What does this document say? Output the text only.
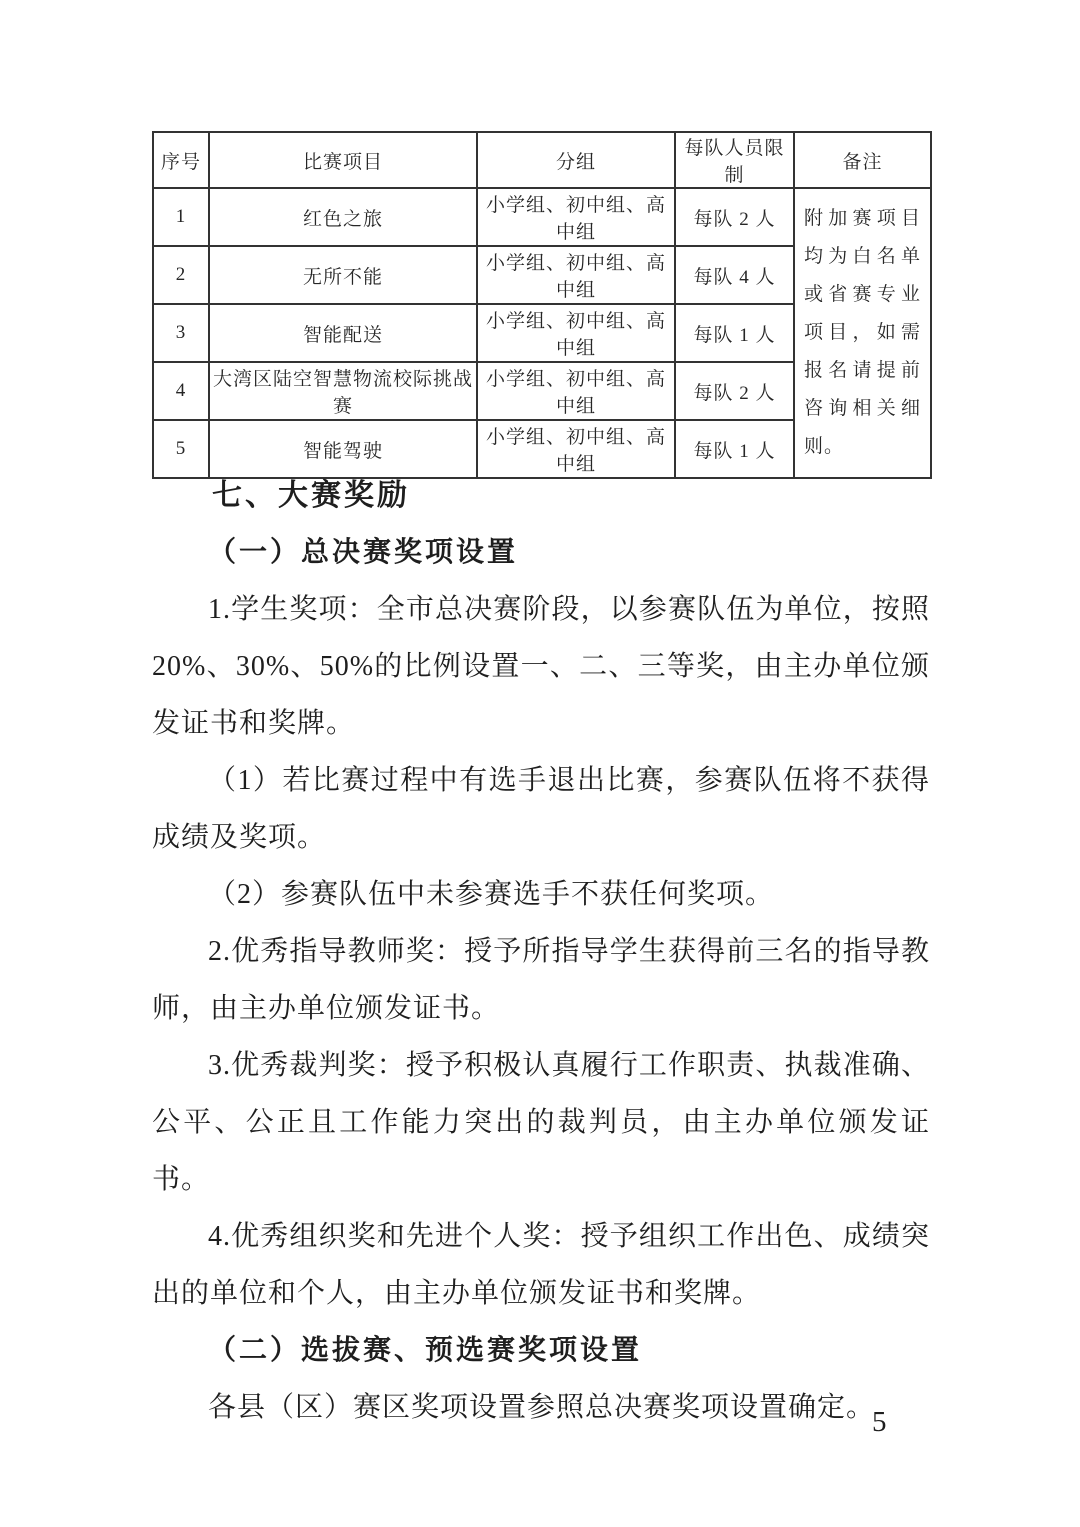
序号	比赛项目	分组	每队人员限制	备注
1	红色之旅	小学组、初中组、高中组	每队 2 人	附加赛项目均为白名单或省赛专业项目，如需报名请提前咨询相关细则。

2	无所不能	小学组、初中组、高中组	每队 4 人	
3	智能配送	小学组、初中组、高中组	每队 1 人	
4	大湾区陆空智慧物流校际挑战赛	小学组、初中组、高中组	每队 2 人	
5	智能驾驶	小学组、初中组、高中组	每队 1 人	

七、大赛奖励

（一）总决赛奖项设置

1.学生奖项：全市总决赛阶段，以参赛队伍为单位，按照 20%、30%、50%的比例设置一、二、三等奖，由主办单位颁发证书和奖牌。

（1）若比赛过程中有选手退出比赛，参赛队伍将不获得成绩及奖项。

（2）参赛队伍中未参赛选手不获任何奖项。

2.优秀指导教师奖：授予所指导学生获得前三名的指导教师，由主办单位颁发证书。

3.优秀裁判奖：授予积极认真履行工作职责、执裁准确、公平、公正且工作能力突出的裁判员，由主办单位颁发证书。

4.优秀组织奖和先进个人奖：授予组织工作出色、成绩突出的单位和个人，由主办单位颁发证书和奖牌。

（二）选拔赛、预选赛奖项设置

各县（区）赛区奖项设置参照总决赛奖项设置确定。

5
